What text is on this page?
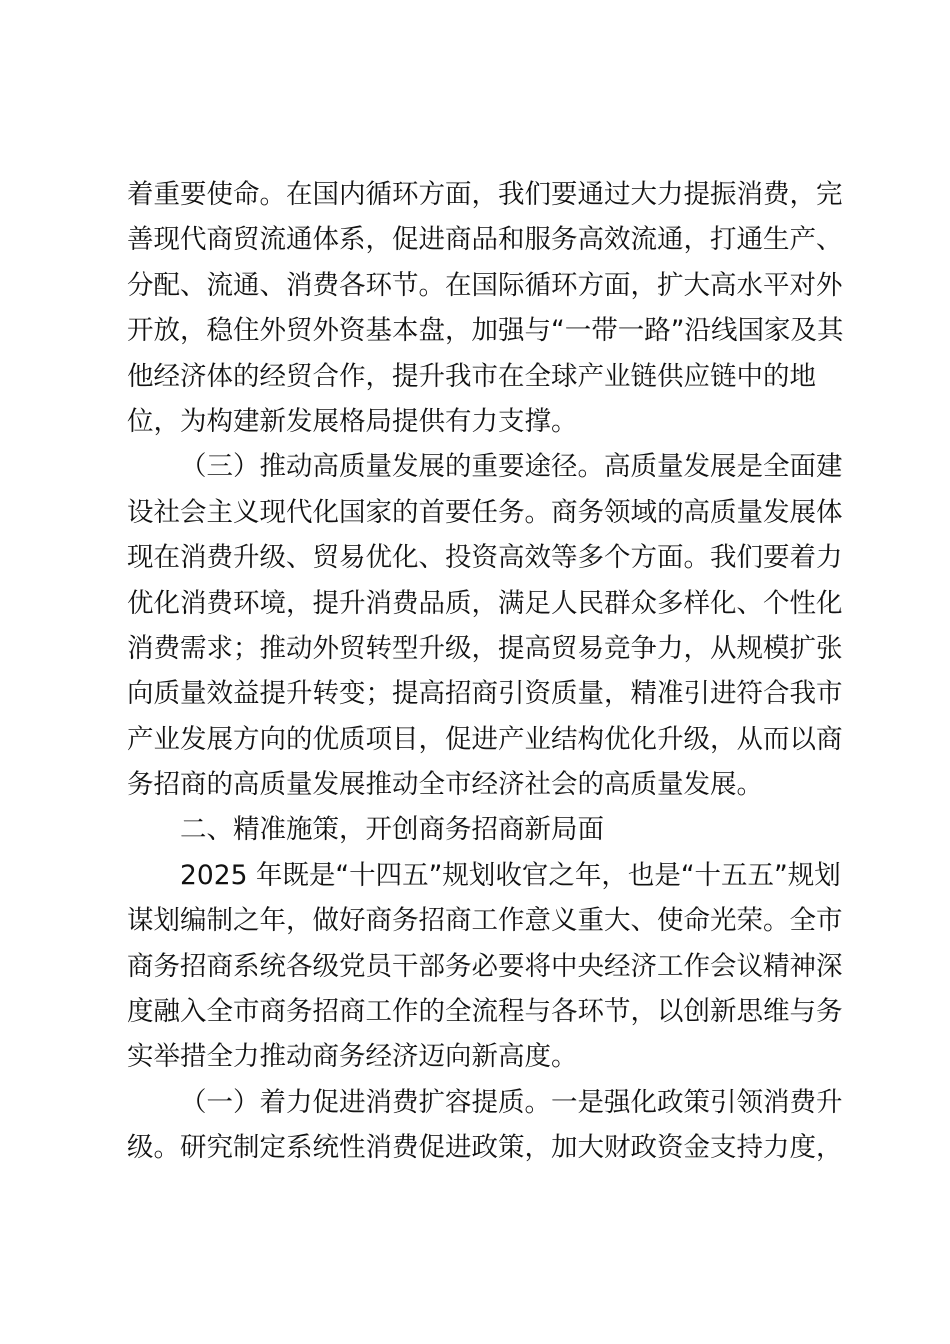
着重要使命。在国内循环方面，我们要通过大力提振消费，完
善现代商贸流通体系，促进商品和服务高效流通，打通生产、
分配、流通、消费各环节。在国际循环方面，扩大高水平对外
开放，稳住外贸外资基本盘，加强与“一带一路”沿线国家及其
他经济体的经贸合作，提升我市在全球产业链供应链中的地
位，为构建新发展格局提供有力支撑。
（三）推动高质量发展的重要途径。高质量发展是全面建
设社会主义现代化国家的首要任务。商务领域的高质量发展体
现在消费升级、贸易优化、投资高效等多个方面。我们要着力
优化消费环境，提升消费品质，满足人民群众多样化、个性化
消费需求；推动外贸转型升级，提高贸易竞争力，从规模扩张
向质量效益提升转变；提高招商引资质量，精准引进符合我市
产业发展方向的优质项目，促进产业结构优化升级，从而以商
务招商的高质量发展推动全市经济社会的高质量发展。
二、精准施策，开创商务招商新局面
2025 年既是“十四五”规划收官之年，也是“十五五”规划
谋划编制之年，做好商务招商工作意义重大、使命光荣。全市
商务招商系统各级党员干部务必要将中央经济工作会议精神深
度融入全市商务招商工作的全流程与各环节，以创新思维与务
实举措全力推动商务经济迈向新高度。
（一）着力促进消费扩容提质。一是强化政策引领消费升
级。研究制定系统性消费促进政策，加大财政资金支持力度，
